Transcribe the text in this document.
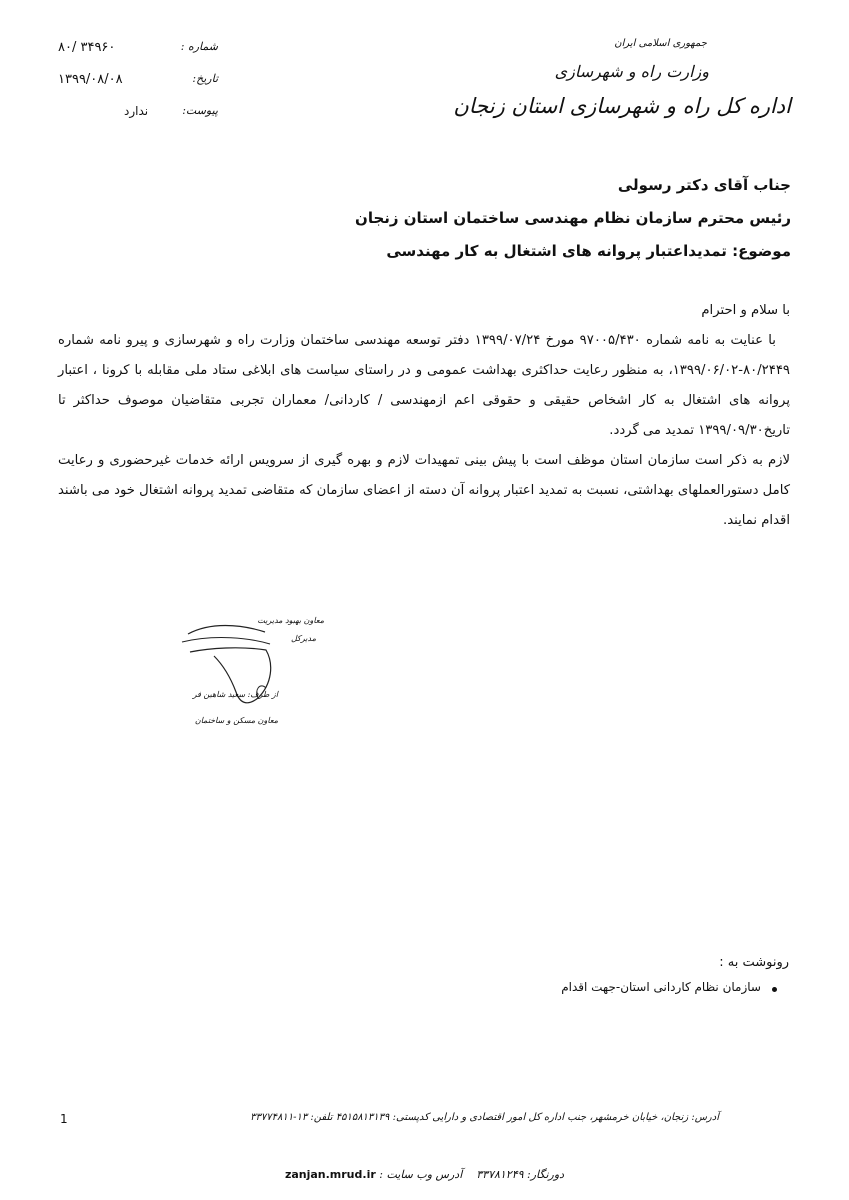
۸۰/ ۳۴۹۶۰	شماره :
۱۳۹۹/۰۸/۰۸	تاریخ:
ندارد	پیوست:
جمهوری اسلامی ایران
وزارت راه و شهرسازی
اداره کل راه و شهرسازی استان زنجان
جناب آقای دکتر رسولی
رئیس محترم سازمان نظام مهندسی ساختمان استان زنجان
موضوع: تمدیداعتبار پروانه های اشتغال به کار مهندسی

با سلام و احترام

با عنایت به نامه شماره ۹۷۰۰۵/۴۳۰ مورخ ۱۳۹۹/۰۷/۲۴ دفتر توسعه مهندسی ساختمان وزارت راه و شهرسازی و پیرو نامه شماره ۸۰/۲۴۴۹-۱۳۹۹/۰۶/۰۲، به منظور رعایت حداکثری بهداشت عمومی و در راستای سیاست های ابلاغی ستاد ملی مقابله با کرونا ، اعتبار پروانه های اشتغال به کار اشخاص حقیقی و حقوقی اعم ازمهندسی / کاردانی/ معماران تجربی متقاضیان موصوف حداکثر تا تاریخ۱۳۹۹/۰۹/۳۰ تمدید می گردد.

لازم به ذکر است سازمان استان موظف است با پیش بینی تمهیدات لازم و بهره گیری از سرویس ارائه خدمات غیرحضوری و رعایت کامل دستورالعملهای بهداشتی، نسبت به تمدید اعتبار پروانه آن دسته از اعضای سازمان که متقاضی تمدید پروانه اشتغال خود می باشند اقدام نمایند.

معاون بهبود مدیریت
مدیرکل
از طرف: سعید شاهین فر
معاون مسکن و ساختمان
رونوشت به :
سازمان نظام کاردانی استان-جهت اقدام
1	آدرس: زنجان، خیابان خرمشهر، جنب اداره کل امور اقتصادی و دارایی کدپستی: ۴۵۱۵۸۱۳۱۳۹ تلفن: ۱۳-۳۳۷۷۴۸۱۱
zanjan.mrud.ir آدرس وب سایت : دورنگار: ۳۳۷۸۱۲۴۹
